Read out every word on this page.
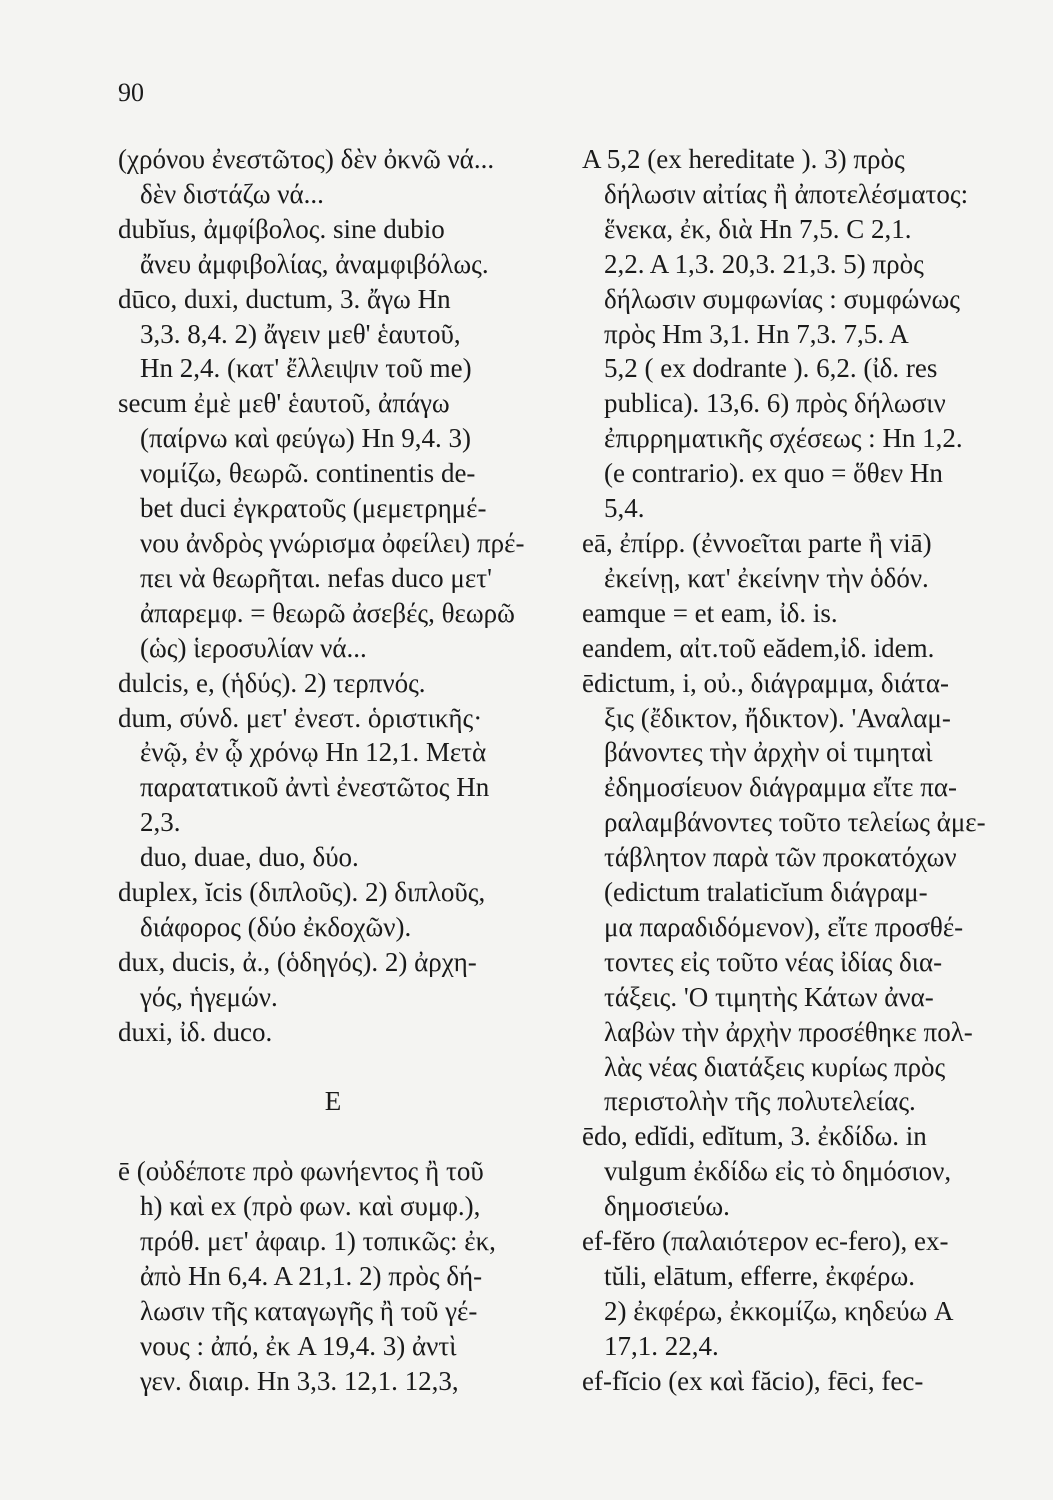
90
(χρόνου ἐνεστῶτος) δὲν ὀκνῶ νά...
δὲν διστάζω νά...
dubĭus, ἀμφίβολος. sine dubio
ἄνευ ἀμφιβολίας, ἀναμφιβόλως.
dūco, duxi, ductum, 3. ἄγω Hn
3,3. 8,4. 2) ἄγειν μεθ' ἑαυτοῦ,
Hn 2,4. (κατ' ἔλλειψιν τοῦ me)
secum ἐμὲ μεθ' ἑαυτοῦ, ἀπάγω
(παίρνω καὶ φεύγω) Hn 9,4. 3)
νομίζω, θεωρῶ. continentis de-
bet duci ἐγκρατοῦς (μεμετρημέ-
νου ἀνδρὸς γνώρισμα ὀφείλει) πρέ-
πει νὰ θεωρῆται. nefas duco μετ'
ἀπαρεμφ. = θεωρῶ ἀσεβές, θεωρῶ
(ὡς) ἱεροσυλίαν νά...
dulcis, e, (ἡδύς). 2) τερπνός.
dum, σύνδ. μετ' ἐνεστ. ὁριστικῆς·
ἐνῷ, ἐν ᾧ χρόνῳ Hn 12,1. Μετὰ
παρατατικοῦ ἀντὶ ἐνεστῶτος Hn
2,3.
duo, duae, duo, δύο.
duplex, ĭcis (διπλοῦς). 2) διπλοῦς,
διάφορος (δύο ἐκδοχῶν).
dux, ducis, ἀ., (ὁδηγός). 2) ἀρχη-
γός, ἡγεμών.
duxi, ἰδ. duco.
E
ē (οὐδέποτε πρὸ φωνήεντος ἢ τοῦ
h) καὶ ex (πρὸ φων. καὶ συμφ.),
πρόθ. μετ' ἀφαιρ. 1) τοπικῶς: ἐκ,
ἀπὸ Hn 6,4. A 21,1. 2) πρὸς δή-
λωσιν τῆς καταγωγῆς ἢ τοῦ γέ-
νους : ἀπό, ἐκ A 19,4. 3) ἀντὶ
γεν. διαιρ. Hn 3,3. 12,1. 12,3,
A 5,2 (ex hereditate ). 3) πρὸς
δήλωσιν αἰτίας ἢ ἀποτελέσματος:
ἕνεκα, ἐκ, διὰ Hn 7,5. C 2,1.
2,2. A 1,3. 20,3. 21,3. 5) πρὸς
δήλωσιν συμφωνίας : συμφώνως
πρὸς Hm 3,1. Hn 7,3. 7,5. A
5,2 ( ex dodrante ). 6,2. (ἰδ. res
publica). 13,6. 6) πρὸς δήλωσιν
ἐπιρρηματικῆς σχέσεως : Hn 1,2.
(e contrario). ex quo = ὅθεν Hn
5,4.
eā, ἐπίρρ. (ἐννοεῖται parte ἢ viā)
ἐκείνῃ, κατ' ἐκείνην τὴν ὁδόν.
eamque = et eam, ἰδ. is.
eandem, αἰτ.τοῦ eădem,ἰδ. idem.
ēdictum, i, οὐ., διάγραμμα, διάτα-
ξις (ἔδικτον, ἤδικτον). 'Αναλαμ-
βάνοντες τὴν ἀρχὴν οἱ τιμηταὶ
ἐδημοσίευον διάγραμμα εἴτε πα-
ραλαμβάνοντες τοῦτο τελείως ἀμε-
τάβλητον παρὰ τῶν προκατόχων
(edictum tralaticĭum διάγραμ-
μα παραδιδόμενον), εἴτε προσθέ-
τοντες εἰς τοῦτο νέας ἰδίας δια-
τάξεις. 'Ο τιμητὴς Κάτων ἀνα-
λαβὼν τὴν ἀρχὴν προσέθηκε πολ-
λὰς νέας διατάξεις κυρίως πρὸς
περιστολὴν τῆς πολυτελείας.
ēdo, edĭdi, edĭtum, 3. ἐκδίδω. in
vulgum ἐκδίδω εἰς τὸ δημόσιον,
δημοσιεύω.
ef-fĕro (παλαιότερον ec-fero), ex-
tŭli, elātum, efferre, ἐκφέρω.
2) ἐκφέρω, ἐκκομίζω, κηδεύω A
17,1. 22,4.
ef-fĭcio (ex καὶ făcio), fēci, fec-
